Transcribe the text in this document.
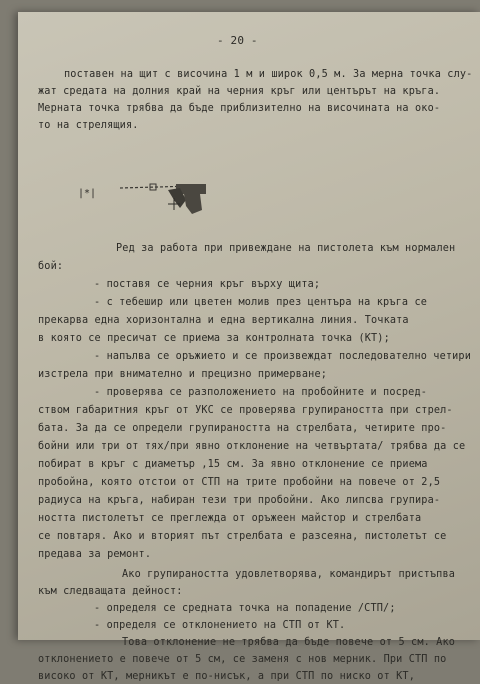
- 20 -
поставен на щит с височина 1 м и широк 0,5 м. За мерна точка слу-
жат средата на долния край на черния кръг или центърът на кръга.
Мерната точка трябва да бъде приблизително на височината на око-
то на стрелящия.
|*|
Ред за работа при привеждане на пистолета към нормален
бой:
- поставя се черния кръг върху щита;
- с тебешир или цветен молив през центъра на кръга се
прекарва една хоризонтална и една вертикална линия. Точката
в която се пресичат се приема за контролната точка (КТ);
- напълва се оръжието и се произвеждат последователно четири
изстрела при внимателно и прецизно примерване;
- проверява се разположението на пробойните и посред-
ством габаритния кръг от УКС се проверява групираността при стрел-
бата. За да се определи групираността на стрелбата, четирите про-
бойни или три от тях/при явно отклонение на четвъртата/ трябва да се
побират в кръг с диаметър ,15 см. За явно отклонение се приема
пробойна, която отстои от СТП на трите пробойни на повече от 2,5
радиуса на кръга, набиран тези три пробойни. Ако липсва групира-
ността пистолетът се преглежда от оръжеен майстор и стрелбата
се повтаря. Ако и вторият път стрелбата е разсеяна, пистолетът се
предава за ремонт.
Ако групираността удовлетворява, командирът пристъпва
към следващата дейност:
- определя се средната точка на попадение /СТП/;
- определя се отклонението на СТП от КТ.
Това отклонение не трябва да бъде повече от 5 см. Ако
отклонението е повече от 5 см, се заменя с нов мерник. При СТП по
високо от КТ, мерникът е по-нисък, а при СТП по ниско от КТ,
